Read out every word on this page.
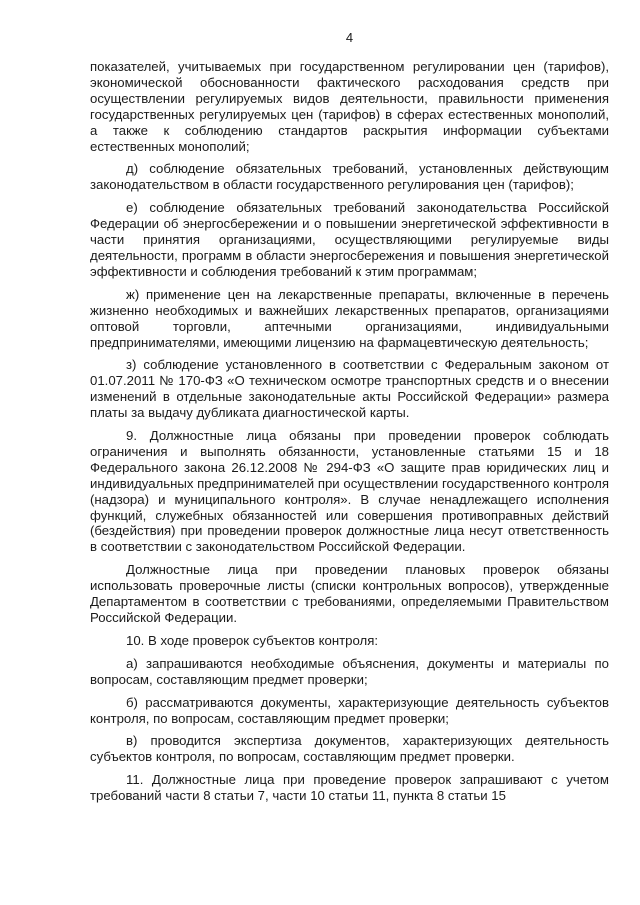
4

показателей, учитываемых при государственном регулировании цен (тарифов), экономической обоснованности фактического расходования средств при осуществлении регулируемых видов деятельности, правильности применения государственных регулируемых цен (тарифов) в сферах естественных монополий, а также к соблюдению стандартов раскрытия информации субъектами естественных монополий;

д) соблюдение обязательных требований, установленных действующим законодательством в области государственного регулирования цен (тарифов);

е) соблюдение обязательных требований законодательства Российской Федерации об энергосбережении и о повышении энергетической эффективности в части принятия организациями, осуществляющими регулируемые виды деятельности, программ в области энергосбережения и повышения энергетической эффективности и соблюдения требований к этим программам;

ж) применение цен на лекарственные препараты, включенные в перечень жизненно необходимых и важнейших лекарственных препаратов, организациями оптовой торговли, аптечными организациями, индивидуальными предпринимателями, имеющими лицензию на фармацевтическую деятельность;

з) соблюдение установленного в соответствии с Федеральным законом от 01.07.2011 № 170-ФЗ «О техническом осмотре транспортных средств и о внесении изменений в отдельные законодательные акты Российской Федерации» размера платы за выдачу дубликата диагностической карты.

9. Должностные лица обязаны при проведении проверок соблюдать ограничения и выполнять обязанности, установленные статьями 15 и 18 Федерального закона 26.12.2008 № 294-ФЗ «О защите прав юридических лиц и индивидуальных предпринимателей при осуществлении государственного контроля (надзора) и муниципального контроля». В случае ненадлежащего исполнения функций, служебных обязанностей или совершения противоправных действий (бездействия) при проведении проверок должностные лица несут ответственность в соответствии с законодательством Российской Федерации.

Должностные лица при проведении плановых проверок обязаны использовать проверочные листы (списки контрольных вопросов), утвержденные Департаментом в соответствии с требованиями, определяемыми Правительством Российской Федерации.

10. В ходе проверок субъектов контроля:

а) запрашиваются необходимые объяснения, документы и материалы по вопросам, составляющим предмет проверки;

б) рассматриваются документы, характеризующие деятельность субъектов контроля, по вопросам, составляющим предмет проверки;

в) проводится экспертиза документов, характеризующих деятельность субъектов контроля, по вопросам, составляющим предмет проверки.

11. Должностные лица при проведение проверок запрашивают с учетом требований части 8 статьи 7, части 10 статьи 11, пункта 8 статьи 15
